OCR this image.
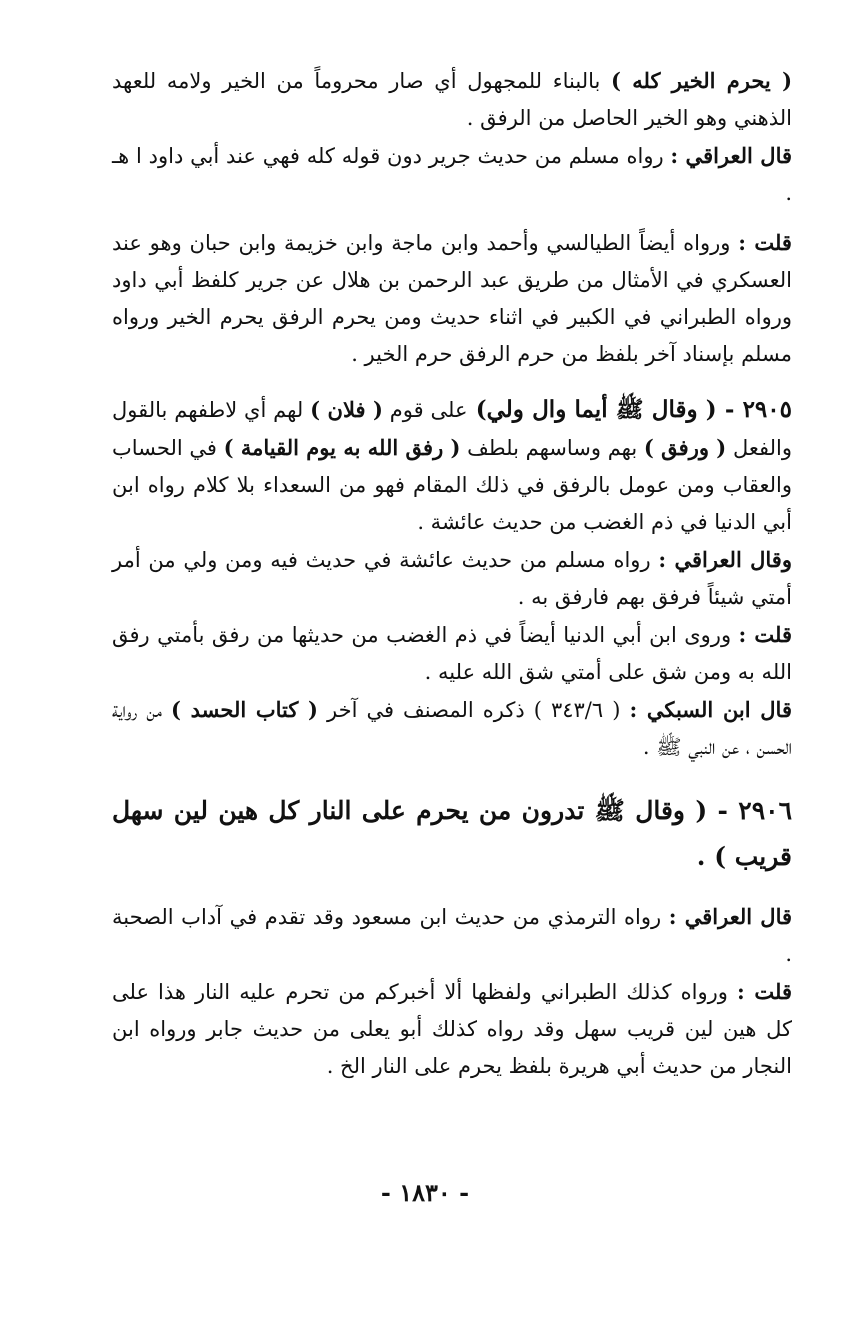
( يحرم الخير كله ) بالبناء للمجهول أي صار محروماً من الخير ولامه للعهد الذهني وهو الخير الحاصل من الرفق .

قال العراقي : رواه مسلم من حديث جرير دون قوله كله فهي عند أبي داود ا هـ .

قلت : ورواه أيضاً الطيالسي وأحمد وابن ماجة وابن خزيمة وابن حبان وهو عند العسكري في الأمثال من طريق عبد الرحمن بن هلال عن جرير كلفظ أبي داود ورواه الطبراني في الكبير في اثناء حديث ومن يحرم الرفق يحرم الخير ورواه مسلم بإسناد آخر بلفظ من حرم الرفق حرم الخير .

٢٩٠٥ - ( وقال ﷺ أيما وال ولي) على قوم ( فلان ) لهم أي لاطفهم بالقول والفعل ( ورفق ) بهم وساسهم بلطف ( رفق الله به يوم القيامة ) في الحساب والعقاب ومن عومل بالرفق في ذلك المقام فهو من السعداء بلا كلام رواه ابن أبي الدنيا في ذم الغضب من حديث عائشة .

وقال العراقي : رواه مسلم من حديث عائشة في حديث فيه ومن ولي من أمر أمتي شيئاً فرفق بهم فارفق به .

قلت : وروى ابن أبي الدنيا أيضاً في ذم الغضب من حديثها من رفق بأمتي رفق الله به ومن شق على أمتي شق الله عليه .

قال ابن السبكي : ( ٣٤٣/٦ ) ذكره المصنف في آخر ( كتاب الحسد ) من رواية الحسن ، عن النبي ﷺ .

٢٩٠٦ - ( وقال ﷺ تدرون من يحرم على النار كل هين لين سهل قريب ) .

قال العراقي : رواه الترمذي من حديث ابن مسعود وقد تقدم في آداب الصحبة .

قلت : ورواه كذلك الطبراني ولفظها ألا أخبركم من تحرم عليه النار هذا على كل هين لين قريب سهل وقد رواه كذلك أبو يعلى من حديث جابر ورواه ابن النجار من حديث أبي هريرة بلفظ يحرم على النار الخ .

- ١٨٣٠ -
